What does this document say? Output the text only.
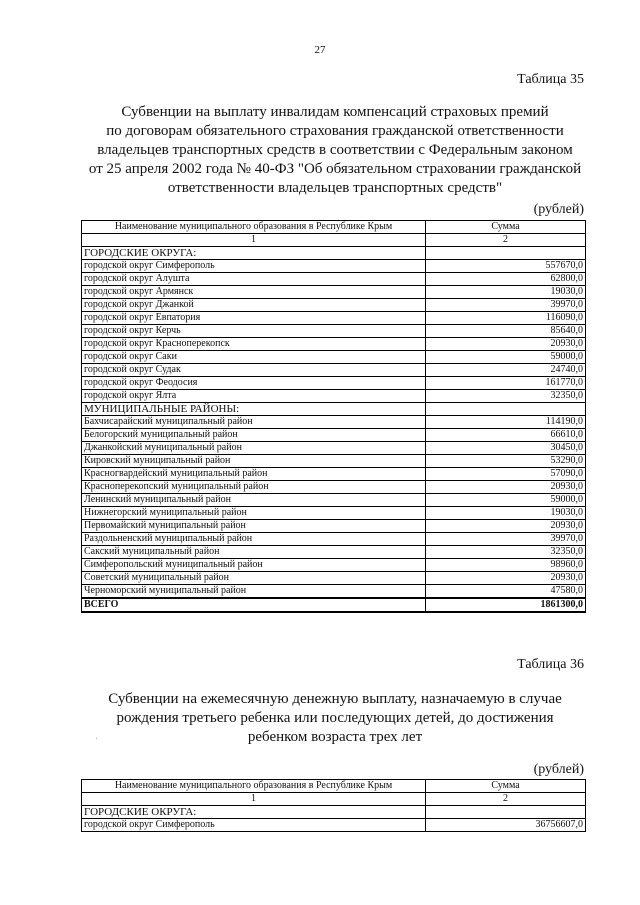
27
Таблица 35
Субвенции на выплату инвалидам компенсаций страховых премий
по договорам обязательного страхования гражданской ответственности
владельцев транспортных средств в соответствии с Федеральным законом
от 25 апреля 2002 года № 40-ФЗ "Об обязательном страховании гражданской
ответственности владельцев транспортных средств"
(рублей)
Наименование муниципального образования в Республике Крым	Сумма
1	2
ГОРОДСКИЕ ОКРУГА:	
городской округ Симферополь	557670,0
городской округ Алушта	62800,0
городской округ Армянск	19030,0
городской округ Джанкой	39970,0
городской округ Евпатория	116090,0
городской округ Керчь	85640,0
городской округ Красноперекопск	20930,0
городской округ Саки	59000,0
городской округ Судак	24740,0
городской округ Феодосия	161770,0
городской округ Ялта	32350,0
МУНИЦИПАЛЬНЫЕ РАЙОНЫ:	
Бахчисарайский муниципальный район	114190,0
Белогорский муниципальный район	66610,0
Джанкойский муниципальный район	30450,0
Кировский муниципальный район	53290,0
Красногвардейский муниципальный район	57090,0
Красноперекопский муниципальный район	20930,0
Ленинский муниципальный район	59000,0
Нижнегорский муниципальный район	19030,0
Первомайский муниципальный район	20930,0
Раздольненский муниципальный район	39970,0
Сакский муниципальный район	32350,0
Симферопольский муниципальный район	98960,0
Советский муниципальный район	20930,0
Черноморский муниципальный район	47580,0
ВСЕГО	1861300,0
Таблица 36
Субвенции на ежемесячную денежную выплату, назначаемую в случае
рождения третьего ребенка или последующих детей, до достижения
ребенком возраста трех лет
'
(рублей)
Наименование муниципального образования в Республике Крым	Сумма
1	2
ГОРОДСКИЕ ОКРУГА:	
городской округ Симферополь	36756607,0
